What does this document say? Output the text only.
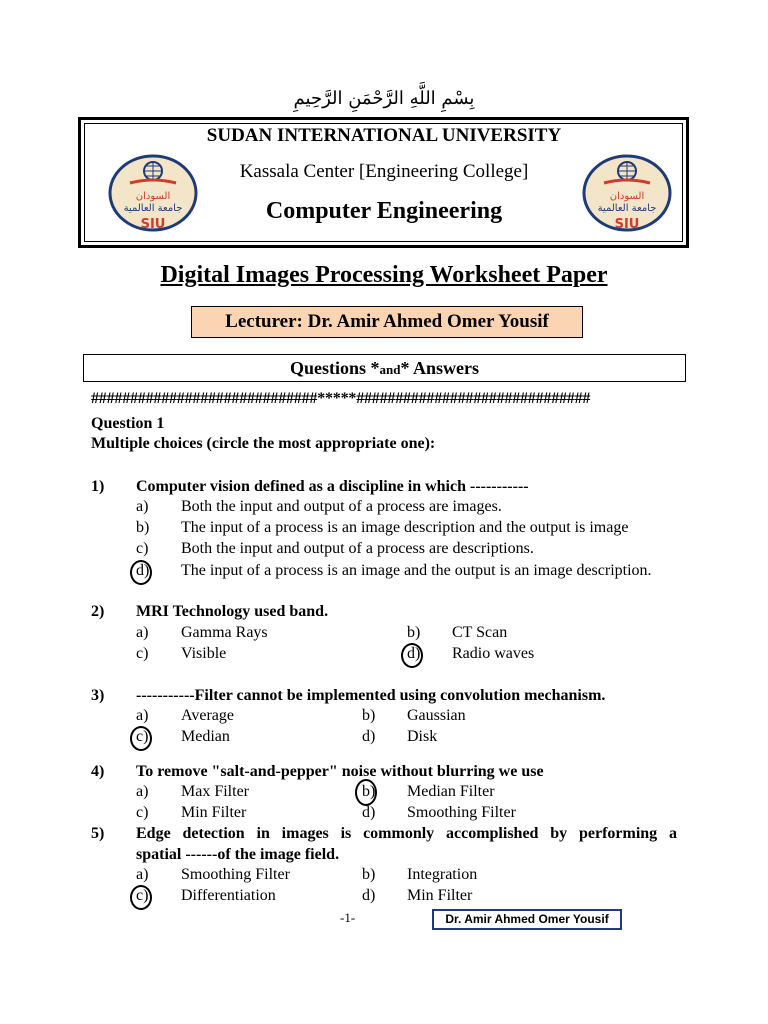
بِسْمِ اللَّهِ الرَّحْمَنِ الرَّحِيمِ
السودان
جامعة العالمية
SIU
السودان
جامعة العالمية
SIU
SUDAN INTERNATIONAL UNIVERSITY
Kassala Center [Engineering College]
Computer Engineering
Digital Images Processing Worksheet Paper
Lecturer: Dr. Amir Ahmed Omer Yousif
Questions *and* Answers
#############################*****##############################
Question 1
Multiple choices (circle the most appropriate one):
1) Computer vision defined as a discipline in which -----------
a) Both the input and output of a process are images.
b) The input of a process is an image description and the output is image
c) Both the input and output of a process are descriptions.
d) The input of a process is an image and the output is an image description.
2) MRI Technology used band.
a) Gamma Rays	b) CT Scan
c) Visible	d) Radio waves
3) -----------Filter cannot be implemented using convolution mechanism.
a) Average	b) Gaussian
c) Median	d) Disk
4) To remove "salt-and-pepper" noise without blurring we use
a) Max Filter	b) Median Filter
c) Min Filter	d) Smoothing Filter
5) Edge detection in images is commonly accomplished by performing a
spatial ------of the image field.
a) Smoothing Filter	b) Integration
c) Differentiation	d) Min Filter
-1-	Dr. Amir Ahmed Omer Yousif
